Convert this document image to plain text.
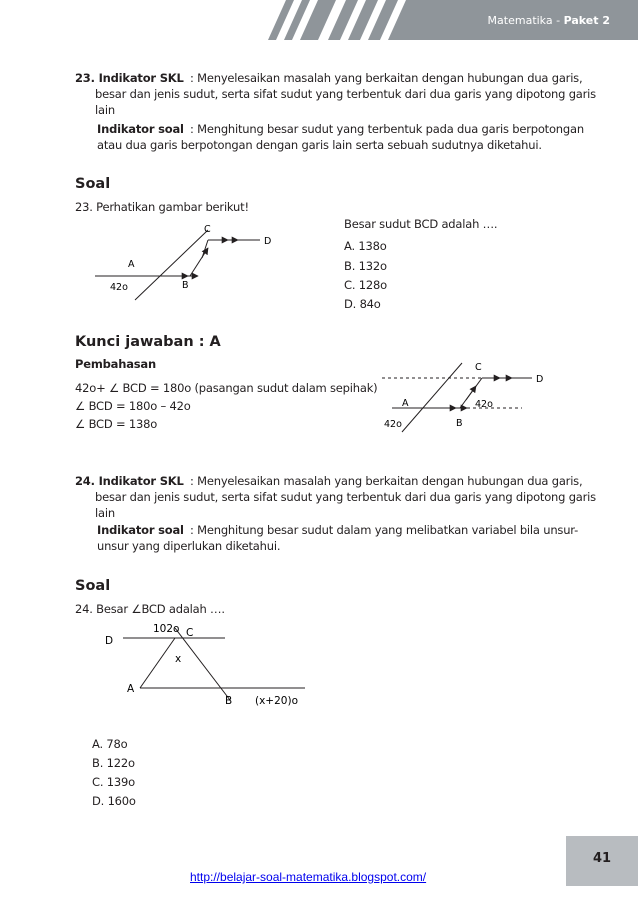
Matematika - Paket 2
23. Indikator SKL : Menyelesaikan masalah yang berkaitan dengan hubungan dua garis,
besar dan jenis sudut, serta sifat sudut yang terbentuk dari dua garis yang dipotong garis
lain
Indikator soal : Menghitung besar sudut yang terbentuk pada dua garis berpotongan
atau dua garis berpotongan dengan garis lain serta sebuah sudutnya diketahui.
Soal
23. Perhatikan gambar berikut!
C
D
A
B
42o
Besar sudut BCD adalah ….
A. 138o
B. 132o
C. 128o
D. 84o
Kunci jawaban : A
Pembahasan
42o+ ∠ BCD = 180o (pasangan sudut dalam sepihak)
∠ BCD = 180o – 42o
∠ BCD = 138o
C
D
A
B
42o
42o
24. Indikator SKL : Menyelesaikan masalah yang berkaitan dengan hubungan dua garis,
besar dan jenis sudut, serta sifat sudut yang terbentuk dari dua garis yang dipotong garis
lain
Indikator soal : Menghitung besar sudut dalam yang melibatkan variabel bila unsur-
unsur yang diperlukan diketahui.
Soal
24. Besar ∠BCD adalah ….
D
102o C
x
A
B (x+20)o
A. 78o
B. 122o
C. 139o
D. 160o
41
http://belajar-soal-matematika.blogspot.com/
